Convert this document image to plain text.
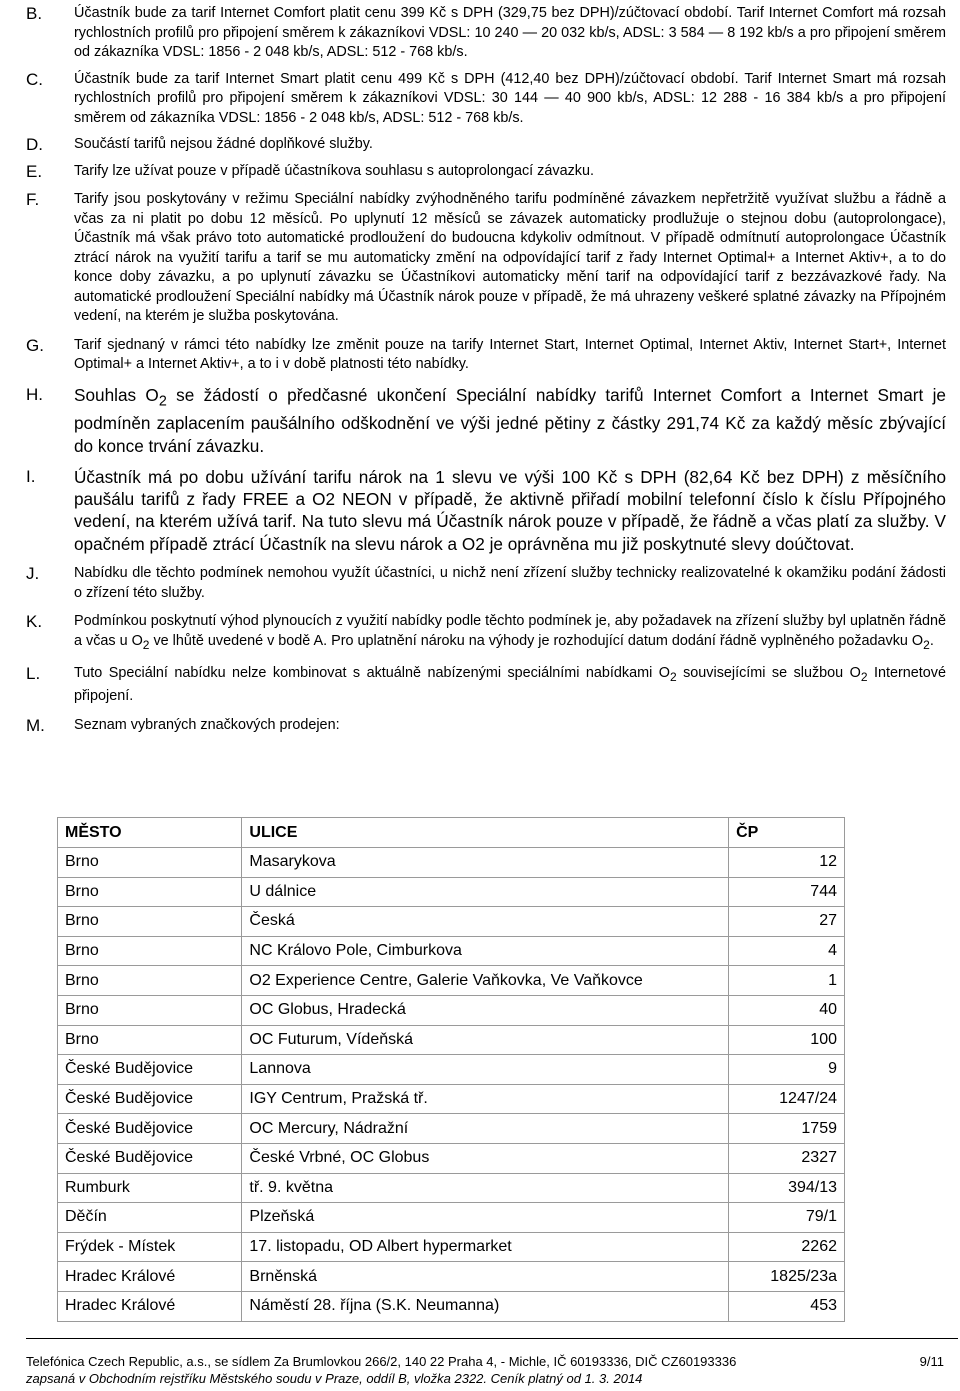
B.	Účastník bude za tarif Internet Comfort platit cenu 399 Kč s DPH (329,75 bez DPH)/zúčtovací období. Tarif Internet Comfort má rozsah rychlostních profilů pro připojení směrem k zákazníkovi VDSL: 10 240 — 20 032 kb/s, ADSL: 3 584 — 8 192 kb/s a pro připojení směrem od zákazníka VDSL: 1856 - 2 048 kb/s, ADSL: 512 - 768 kb/s.
C.	Účastník bude za tarif Internet Smart platit cenu 499 Kč s DPH (412,40 bez DPH)/zúčtovací období. Tarif Internet Smart má rozsah rychlostních profilů pro připojení směrem k zákazníkovi VDSL: 30 144 — 40 900 kb/s, ADSL: 12 288 - 16 384 kb/s a pro připojení směrem od zákazníka VDSL: 1856 - 2 048 kb/s, ADSL: 512 - 768 kb/s.
D.	Součástí tarifů nejsou žádné doplňkové služby.
E.	Tarify lze užívat pouze v případě účastníkova souhlasu s autoprolongací závazku.
F.	Tarify jsou poskytovány v režimu Speciální nabídky zvýhodněného tarifu podmíněné závazkem nepřetržitě využívat službu a řádně a včas za ni platit po dobu 12 měsíců. Po uplynutí 12 měsíců se závazek automaticky prodlužuje o stejnou dobu (autoprolongace), Účastník má však právo toto automatické prodloužení do budoucna kdykoliv odmítnout. V případě odmítnutí autoprolongace Účastník ztrácí nárok na využití tarifu a tarif se mu automaticky změní na odpovídající tarif z řady Internet Optimal+ a Internet Aktiv+, a to do konce doby závazku, a po uplynutí závazku se Účastníkovi automaticky mění tarif na odpovídající tarif z bezzávazkové řady. Na automatické prodloužení Speciální nabídky má Účastník nárok pouze v případě, že má uhrazeny veškeré splatné závazky na Přípojném vedení, na kterém je služba poskytována.
G.	Tarif sjednaný v rámci této nabídky lze změnit pouze na tarify Internet Start, Internet Optimal, Internet Aktiv, Internet Start+, Internet Optimal+ a Internet Aktiv+, a to i v době platnosti této nabídky.
H.	Souhlas $O_2$ se žádostí o předčasné ukončení Speciální nabídky tarifů Internet Comfort a Internet Smart je podmíněn zaplacením paušálního odškodnění ve výši jedné pětiny z částky 291,74 Kč za každý měsíc zbývající do konce trvání závazku.
I.	Účastník má po dobu užívání tarifu nárok na 1 slevu ve výši 100 Kč s DPH (82,64 Kč bez DPH) z měsíčního paušálu tarifů z řady FREE a O2 NEON v případě, že aktivně přiřadí mobilní telefonní číslo k číslu Přípojného vedení, na kterém užívá tarif. Na tuto slevu má Účastník nárok pouze v případě, že řádně a včas platí za služby. V opačném případě ztrácí Účastník na slevu nárok a O2 je oprávněna mu již poskytnuté slevy doúčtovat.
J.	Nabídku dle těchto podmínek nemohou využít účastníci, u nichž není zřízení služby technicky realizovatelné k okamžiku podání žádosti o zřízení této služby.
K.	Podmínkou poskytnutí výhod plynoucích z využití nabídky podle těchto podmínek je, aby požadavek na zřízení služby byl uplatněn řádně a včas u $O_2$ ve lhůtě uvedené v bodě A. Pro uplatnění nároku na výhody je rozhodující datum dodání řádně vyplněného požadavku $O_2$.
L.	Tuto Speciální nabídku nelze kombinovat s aktuálně nabízenými speciálními nabídkami $O_2$ souvisejícími se službou $O_2$ Internetové připojení.
M.	Seznam vybraných značkových prodejen:
MĚSTO	ULICE	ČP
Brno	Masarykova	12
Brno	U dálnice	744
Brno	Česká	27
Brno	NC Královo Pole, Cimburkova	4
Brno	O2 Experience Centre, Galerie Vaňkovka, Ve Vaňkovce	1
Brno	OC Globus, Hradecká	40
Brno	OC Futurum, Vídeňská	100
České Budějovice	Lannova	9
České Budějovice	IGY Centrum, Pražská tř.	1247/24
České Budějovice	OC Mercury, Nádražní	1759
České Budějovice	České Vrbné, OC Globus	2327
Rumburk	tř. 9. května	394/13
Děčín	Plzeňská	79/1
Frýdek - Místek	17. listopadu, OD Albert hypermarket	2262
Hradec Králové	Brněnská	1825/23a
Hradec Králové	Náměstí 28. října (S.K. Neumanna)	453
Telefónica Czech Republic, a.s., se sídlem Za Brumlovkou 266/2, 140 22 Praha 4, - Michle, IČ 60193336, DIČ CZ60193336	9/11
zapsaná v Obchodním rejstříku Městského soudu v Praze, oddíl B, vložka 2322. Ceník platný od 1. 3. 2014
